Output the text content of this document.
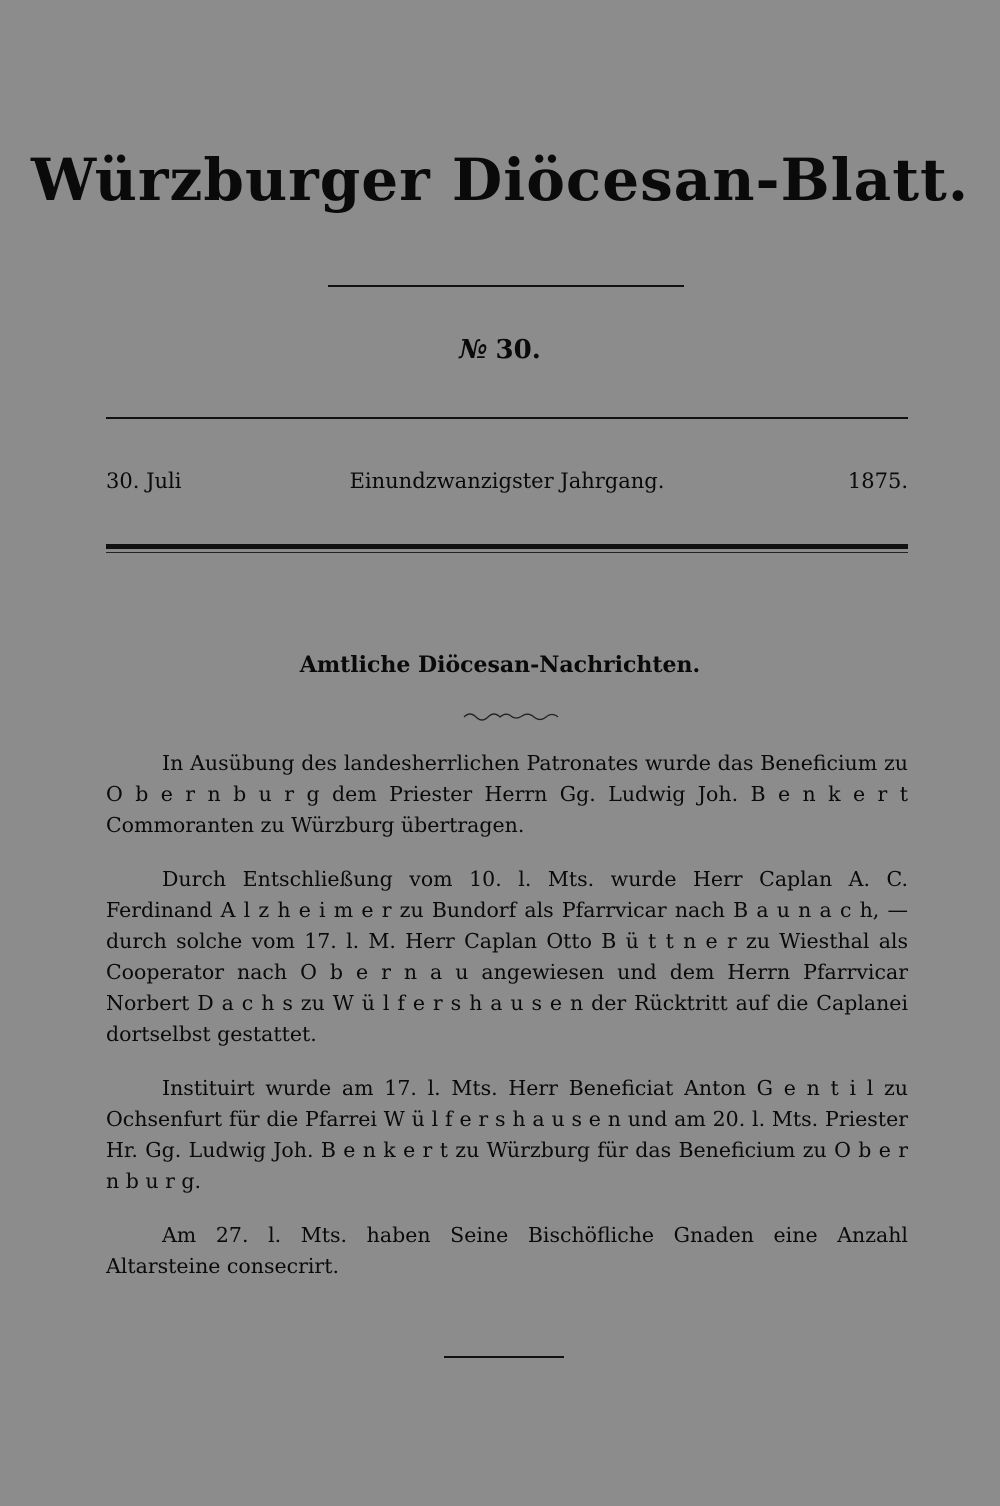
Würzburger Diöcesan-Blatt.
№ 30.
30. Juli	Einundzwanzigster Jahrgang.	1875.
Amtliche Diöcesan-Nachrichten.

In Ausübung des landesherrlichen Patronates wurde das Beneficium zu O b e r n b u r g dem Priester Herrn Gg. Ludwig Joh. B e n k e r t Commoranten zu Würzburg übertragen.

Durch Entschließung vom 10. l. Mts. wurde Herr Caplan A. C. Ferdinand A l z h e i m e r zu Bundorf als Pfarrvicar nach B a u n a c h, — durch solche vom 17. l. M. Herr Caplan Otto B ü t t n e r zu Wiesthal als Cooperator nach O b e r n a u angewiesen und dem Herrn Pfarrvicar Norbert D a c h s zu W ü l f e r s h a u s e n der Rücktritt auf die Caplanei dortselbst gestattet.

Instituirt wurde am 17. l. Mts. Herr Beneficiat Anton G e n t i l zu Ochsenfurt für die Pfarrei W ü l f e r s h a u s e n und am 20. l. Mts. Priester Hr. Gg. Ludwig Joh. B e n k e r t zu Würzburg für das Beneficium zu O b e r n b u r g.

Am 27. l. Mts. haben Seine Bischöfliche Gnaden eine Anzahl Altarsteine consecrirt.
